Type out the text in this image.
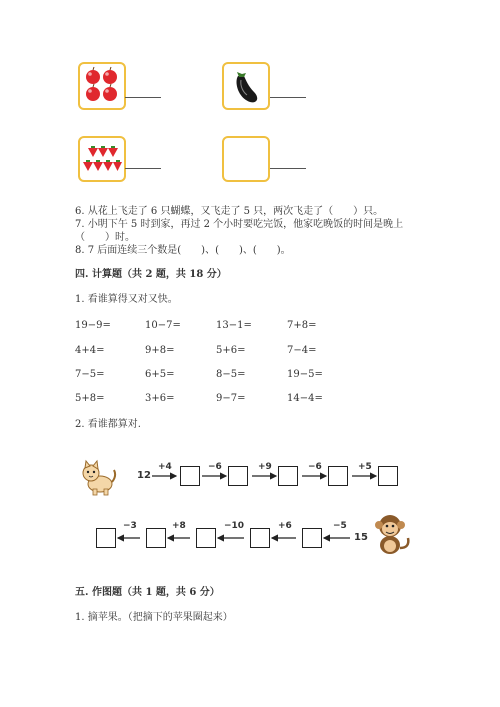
6. 从花上飞走了 6 只蝴蝶，又飞走了 5 只，两次飞走了（　　）只。
7. 小明下午 5 时到家，再过 2 个小时要吃完饭，他家吃晚饭的时间是晚上
（　　）时。
8. 7 后面连续三个数是(　　)、(　　)、(　　)。
四. 计算题（共 2 题，共 18 分）
1. 看谁算得又对又快。
19−9=	10−7=	13−1=	7+8=
4+4=	9+8=	5+6=	7−4=
7−5=	6+5=	8−5=	19−5=
5+8=	3+6=	9−7=	14−4=
2. 看谁都算对.
12
+4	−6	+9	−6	+5
−3	+8	−10	+6	−5
15
五. 作图题（共 1 题，共 6 分）
1. 摘苹果。（把摘下的苹果圈起来）
